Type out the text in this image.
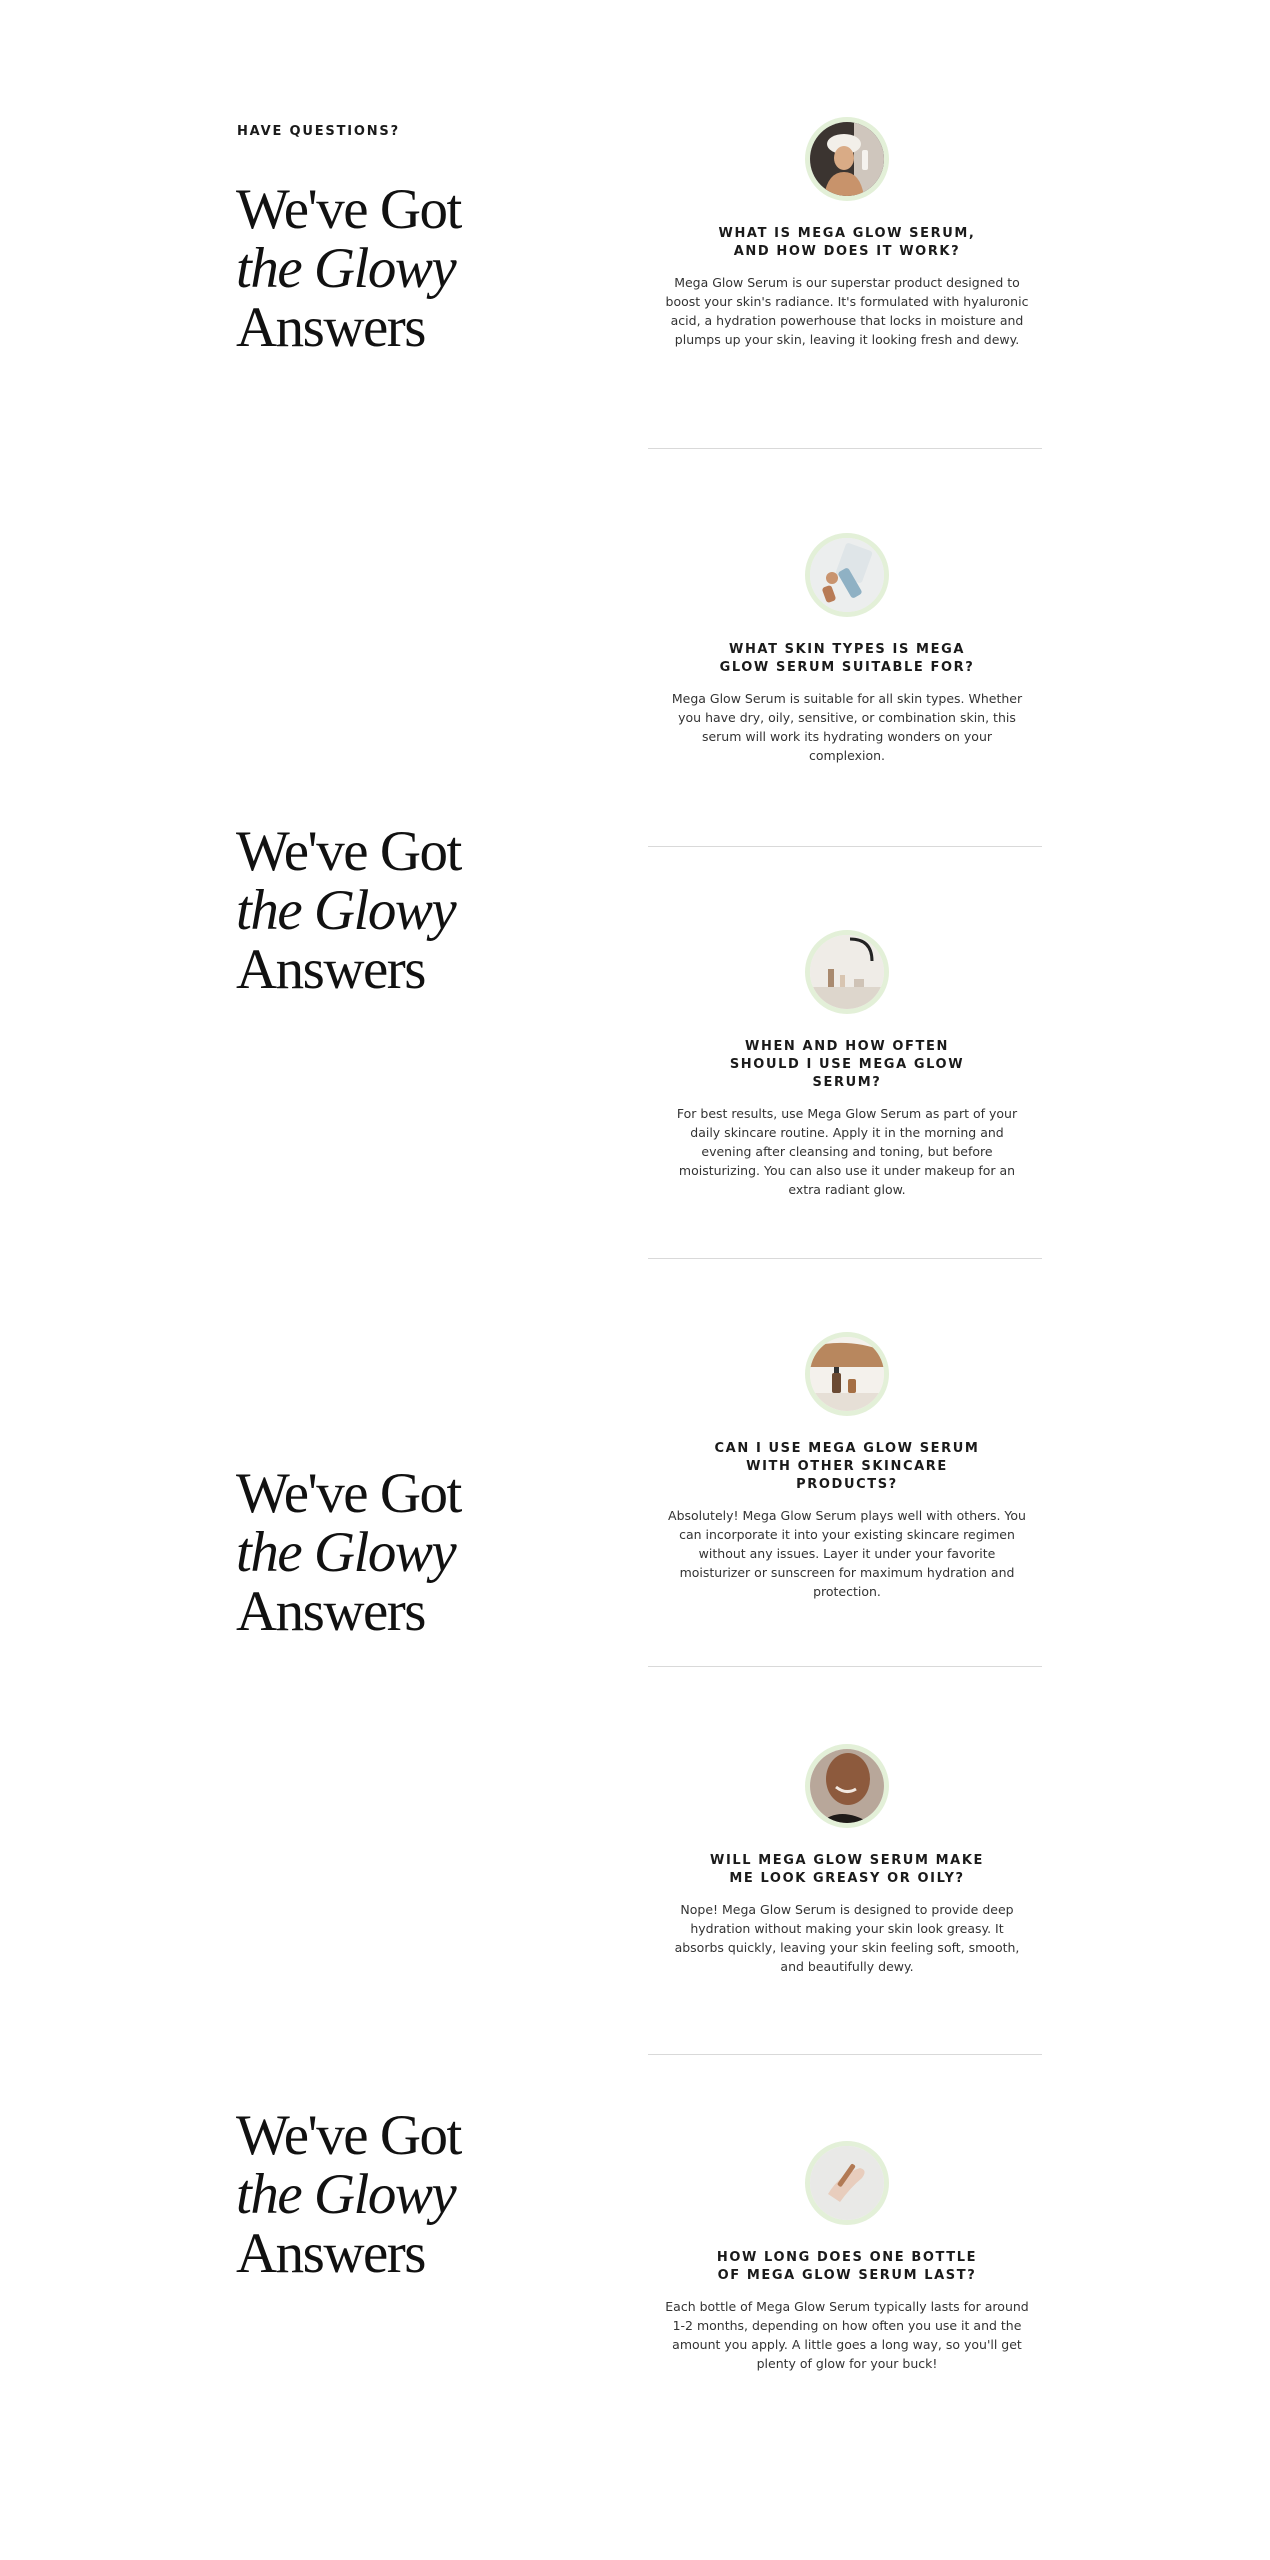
HAVE QUESTIONS?
We've Got
the Glowy
Answers
We've Got
the Glowy
Answers
We've Got
the Glowy
Answers
We've Got
the Glowy
Answers
WHAT IS MEGA GLOW SERUM, AND HOW DOES IT WORK?
Mega Glow Serum is our superstar product designed to boost your skin's radiance. It's formulated with hyaluronic acid, a hydration powerhouse that locks in moisture and plumps up your skin, leaving it looking fresh and dewy.
WHAT SKIN TYPES IS MEGA GLOW SERUM SUITABLE FOR?
Mega Glow Serum is suitable for all skin types. Whether you have dry, oily, sensitive, or combination skin, this serum will work its hydrating wonders on your complexion.
WHEN AND HOW OFTEN SHOULD I USE MEGA GLOW SERUM?
For best results, use Mega Glow Serum as part of your daily skincare routine. Apply it in the morning and evening after cleansing and toning, but before moisturizing. You can also use it under makeup for an extra radiant glow.
CAN I USE MEGA GLOW SERUM WITH OTHER SKINCARE PRODUCTS?
Absolutely! Mega Glow Serum plays well with others. You can incorporate it into your existing skincare regimen without any issues. Layer it under your favorite moisturizer or sunscreen for maximum hydration and protection.
WILL MEGA GLOW SERUM MAKE ME LOOK GREASY OR OILY?
Nope! Mega Glow Serum is designed to provide deep hydration without making your skin look greasy. It absorbs quickly, leaving your skin feeling soft, smooth, and beautifully dewy.
HOW LONG DOES ONE BOTTLE OF MEGA GLOW SERUM LAST?
Each bottle of Mega Glow Serum typically lasts for around 1-2 months, depending on how often you use it and the amount you apply. A little goes a long way, so you'll get plenty of glow for your buck!
